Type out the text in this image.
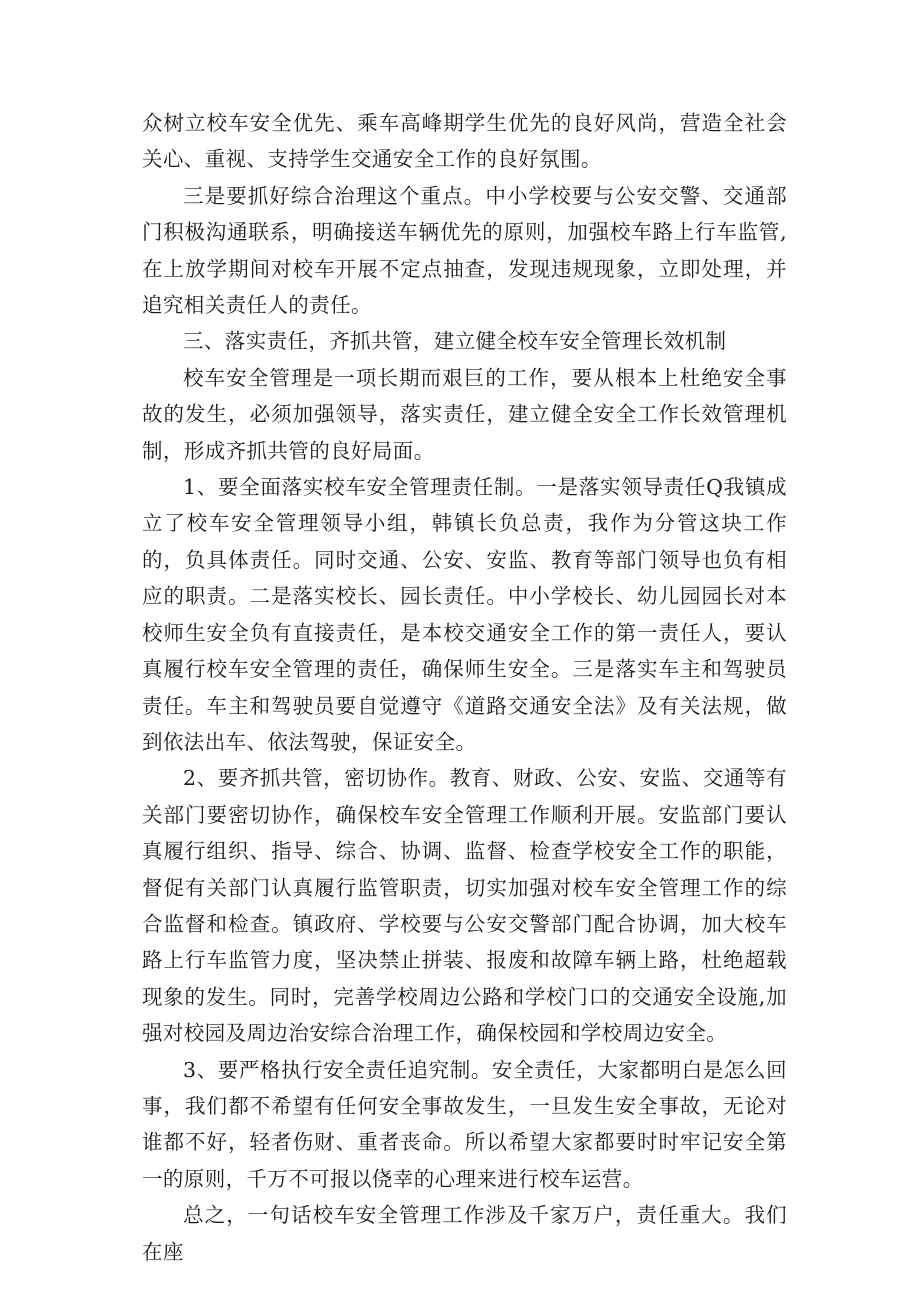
众树立校车安全优先、乘车高峰期学生优先的良好风尚，营造全社会关心、重视、支持学生交通安全工作的良好氛围。

三是要抓好综合治理这个重点。中小学校要与公安交警、交通部门积极沟通联系，明确接送车辆优先的原则，加强校车路上行车监管,在上放学期间对校车开展不定点抽查，发现违规现象，立即处理，并追究相关责任人的责任。

三、落实责任，齐抓共管，建立健全校车安全管理长效机制

校车安全管理是一项长期而艰巨的工作，要从根本上杜绝安全事故的发生，必须加强领导，落实责任，建立健全安全工作长效管理机制，形成齐抓共管的良好局面。

1、要全面落实校车安全管理责任制。一是落实领导责任Q我镇成立了校车安全管理领导小组，韩镇长负总责，我作为分管这块工作的，负具体责任。同时交通、公安、安监、教育等部门领导也负有相应的职责。二是落实校长、园长责任。中小学校长、幼儿园园长对本校师生安全负有直接责任，是本校交通安全工作的第一责任人，要认真履行校车安全管理的责任，确保师生安全。三是落实车主和驾驶员责任。车主和驾驶员要自觉遵守《道路交通安全法》及有关法规，做到依法出车、依法驾驶，保证安全。

2、要齐抓共管，密切协作。教育、财政、公安、安监、交通等有关部门要密切协作，确保校车安全管理工作顺利开展。安监部门要认真履行组织、指导、综合、协调、监督、检查学校安全工作的职能，督促有关部门认真履行监管职责，切实加强对校车安全管理工作的综合监督和检查。镇政府、学校要与公安交警部门配合协调，加大校车路上行车监管力度，坚决禁止拼装、报废和故障车辆上路，杜绝超载现象的发生。同时，完善学校周边公路和学校门口的交通安全设施,加强对校园及周边治安综合治理工作，确保校园和学校周边安全。

3、要严格执行安全责任追究制。安全责任，大家都明白是怎么回事，我们都不希望有任何安全事故发生，一旦发生安全事故，无论对谁都不好，轻者伤财、重者丧命。所以希望大家都要时时牢记安全第一的原则，千万不可报以侥幸的心理来进行校车运营。

总之，一句话校车安全管理工作涉及千家万户，责任重大。我们在座
